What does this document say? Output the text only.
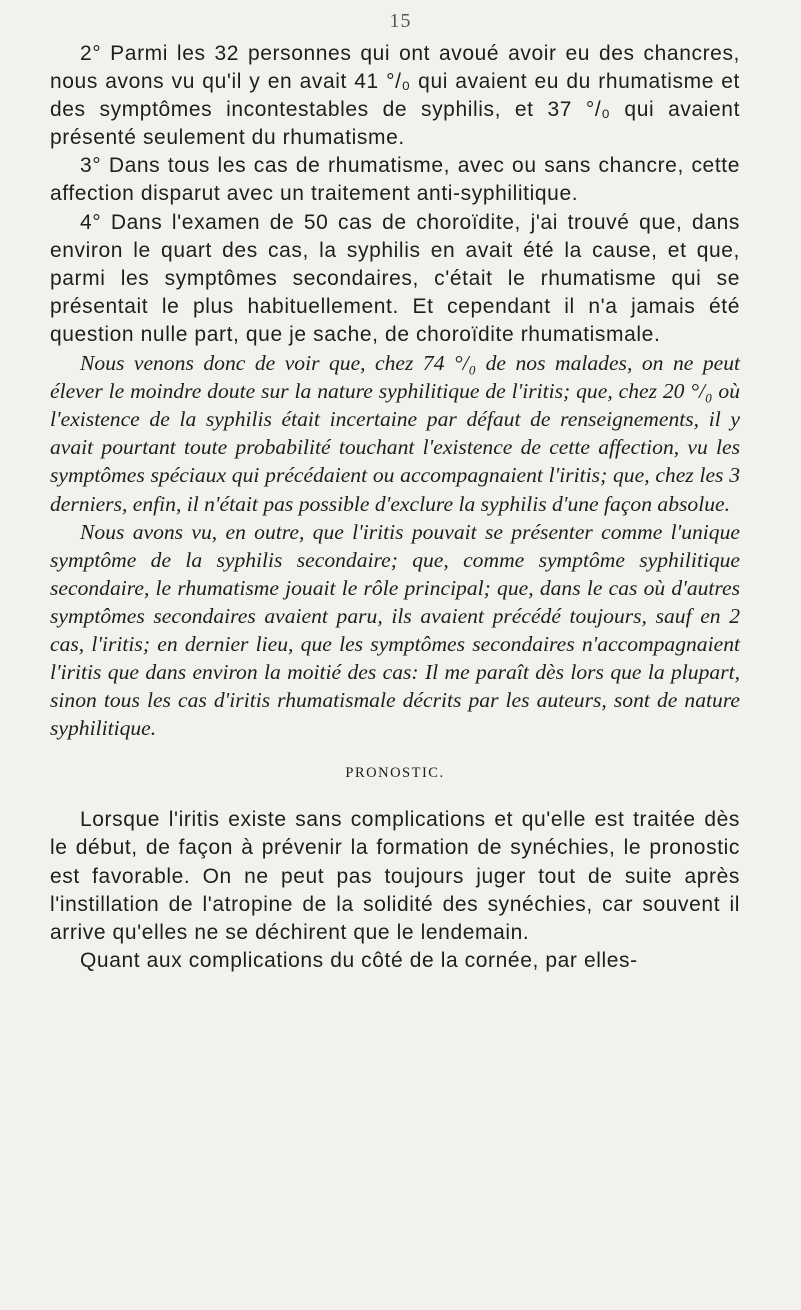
15

2° Parmi les 32 personnes qui ont avoué avoir eu des chancres, nous avons vu qu'il y en avait 41 °/₀ qui avaient eu du rhumatisme et des symptômes incontestables de syphilis, et 37 °/₀ qui avaient présenté seulement du rhumatisme.

3° Dans tous les cas de rhumatisme, avec ou sans chancre, cette affection disparut avec un traitement anti-syphilitique.

4° Dans l'examen de 50 cas de choroïdite, j'ai trouvé que, dans environ le quart des cas, la syphilis en avait été la cause, et que, parmi les symptômes secondaires, c'était le rhumatisme qui se présentait le plus habituellement. Et cependant il n'a jamais été question nulle part, que je sache, de choroïdite rhumatismale.

Nous venons donc de voir que, chez 74 °/₀ de nos malades, on ne peut élever le moindre doute sur la nature syphilitique de l'iritis; que, chez 20 °/₀ où l'existence de la syphilis était incertaine par défaut de renseignements, il y avait pourtant toute probabilité touchant l'existence de cette affection, vu les symptômes spéciaux qui précédaient ou accompagnaient l'iritis; que, chez les 3 derniers, enfin, il n'était pas possible d'exclure la syphilis d'une façon absolue.

Nous avons vu, en outre, que l'iritis pouvait se présenter comme l'unique symptôme de la syphilis secondaire; que, comme symptôme syphilitique secondaire, le rhumatisme jouait le rôle principal; que, dans le cas où d'autres symptômes secondaires avaient paru, ils avaient précédé toujours, sauf en 2 cas, l'iritis; en dernier lieu, que les symptômes secondaires n'accompagnaient l'iritis que dans environ la moitié des cas: Il me paraît dès lors que la plupart, sinon tous les cas d'iritis rhumatismale décrits par les auteurs, sont de nature syphilitique.

PRONOSTIC.

Lorsque l'iritis existe sans complications et qu'elle est traitée dès le début, de façon à prévenir la formation de synéchies, le pronostic est favorable. On ne peut pas toujours juger tout de suite après l'instillation de l'atropine de la solidité des synéchies, car souvent il arrive qu'elles ne se déchirent que le lendemain.

Quant aux complications du côté de la cornée, par elles-
